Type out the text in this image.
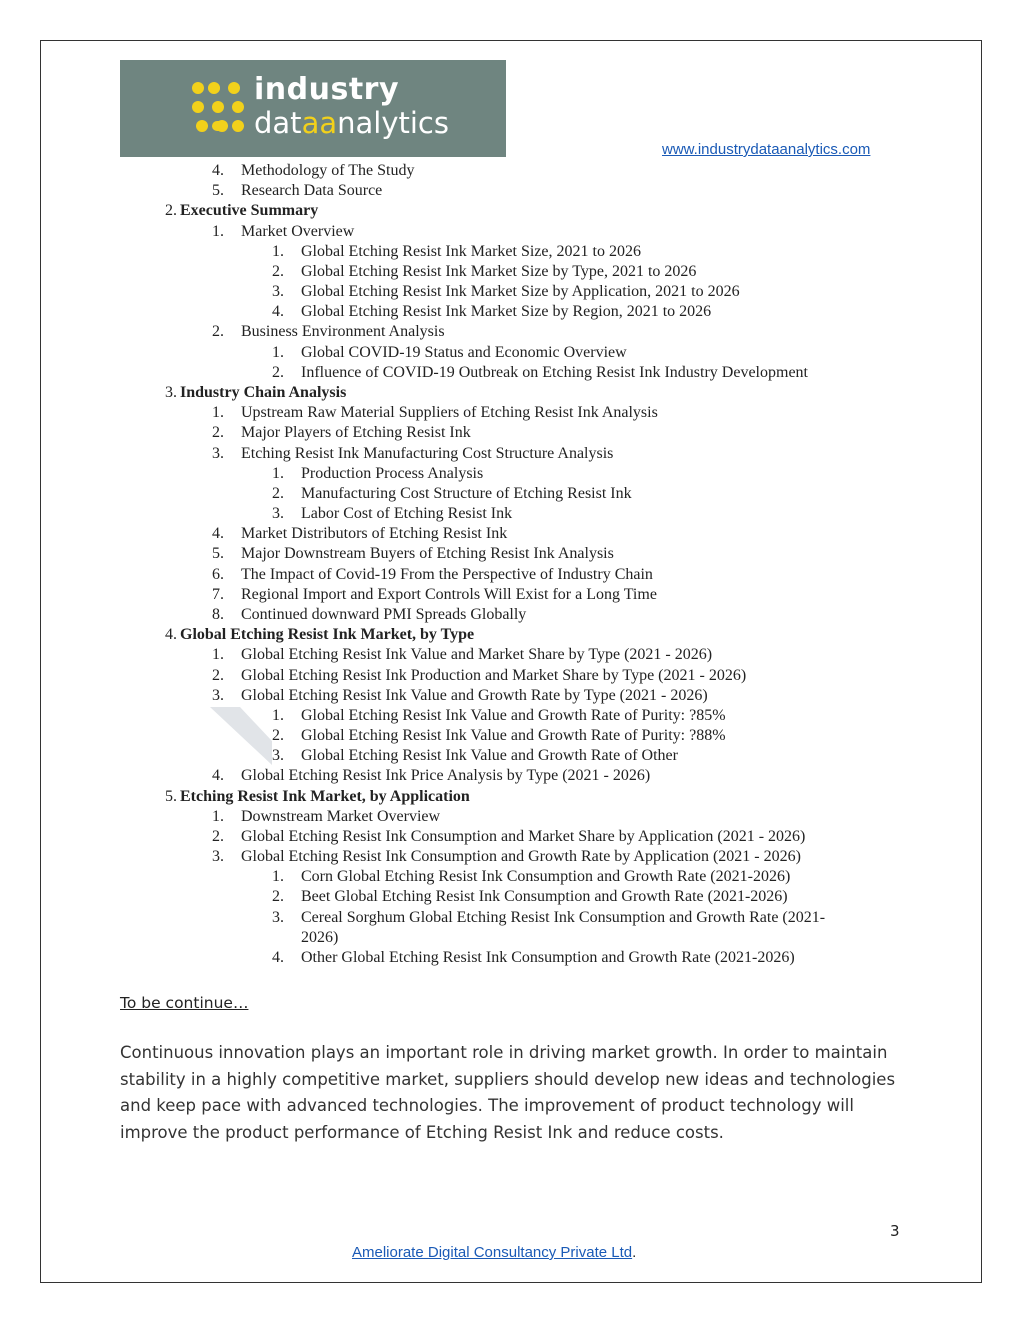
industry
dataanalytics
www.industrydataanalytics.com
4. Methodology of The Study
5. Research Data Source
2. Executive Summary
1. Market Overview
1. Global Etching Resist Ink Market Size, 2021 to 2026
2. Global Etching Resist Ink Market Size by Type, 2021 to 2026
3. Global Etching Resist Ink Market Size by Application, 2021 to 2026
4. Global Etching Resist Ink Market Size by Region, 2021 to 2026
2. Business Environment Analysis
1. Global COVID-19 Status and Economic Overview
2. Influence of COVID-19 Outbreak on Etching Resist Ink Industry Development
3. Industry Chain Analysis
1. Upstream Raw Material Suppliers of Etching Resist Ink Analysis
2. Major Players of Etching Resist Ink
3. Etching Resist Ink Manufacturing Cost Structure Analysis
1. Production Process Analysis
2. Manufacturing Cost Structure of Etching Resist Ink
3. Labor Cost of Etching Resist Ink
4. Market Distributors of Etching Resist Ink
5. Major Downstream Buyers of Etching Resist Ink Analysis
6. The Impact of Covid-19 From the Perspective of Industry Chain
7. Regional Import and Export Controls Will Exist for a Long Time
8. Continued downward PMI Spreads Globally
4. Global Etching Resist Ink Market, by Type
1. Global Etching Resist Ink Value and Market Share by Type (2021 - 2026)
2. Global Etching Resist Ink Production and Market Share by Type (2021 - 2026)
3. Global Etching Resist Ink Value and Growth Rate by Type (2021 - 2026)
1. Global Etching Resist Ink Value and Growth Rate of Purity: ?85%
2. Global Etching Resist Ink Value and Growth Rate of Purity: ?88%
3. Global Etching Resist Ink Value and Growth Rate of Other
4. Global Etching Resist Ink Price Analysis by Type (2021 - 2026)
5. Etching Resist Ink Market, by Application
1. Downstream Market Overview
2. Global Etching Resist Ink Consumption and Market Share by Application (2021 - 2026)
3. Global Etching Resist Ink Consumption and Growth Rate by Application (2021 - 2026)
1. Corn Global Etching Resist Ink Consumption and Growth Rate (2021-2026)
2. Beet Global Etching Resist Ink Consumption and Growth Rate (2021-2026)
3. Cereal Sorghum Global Etching Resist Ink Consumption and Growth Rate (2021-
2026)
4. Other Global Etching Resist Ink Consumption and Growth Rate (2021-2026)
To be continue…
Continuous innovation plays an important role in driving market growth. In order to maintain stability in a highly competitive market, suppliers should develop new ideas and technologies and keep pace with advanced technologies. The improvement of product technology will improve the product performance of Etching Resist Ink and reduce costs.
3
Ameliorate Digital Consultancy Private Ltd.
